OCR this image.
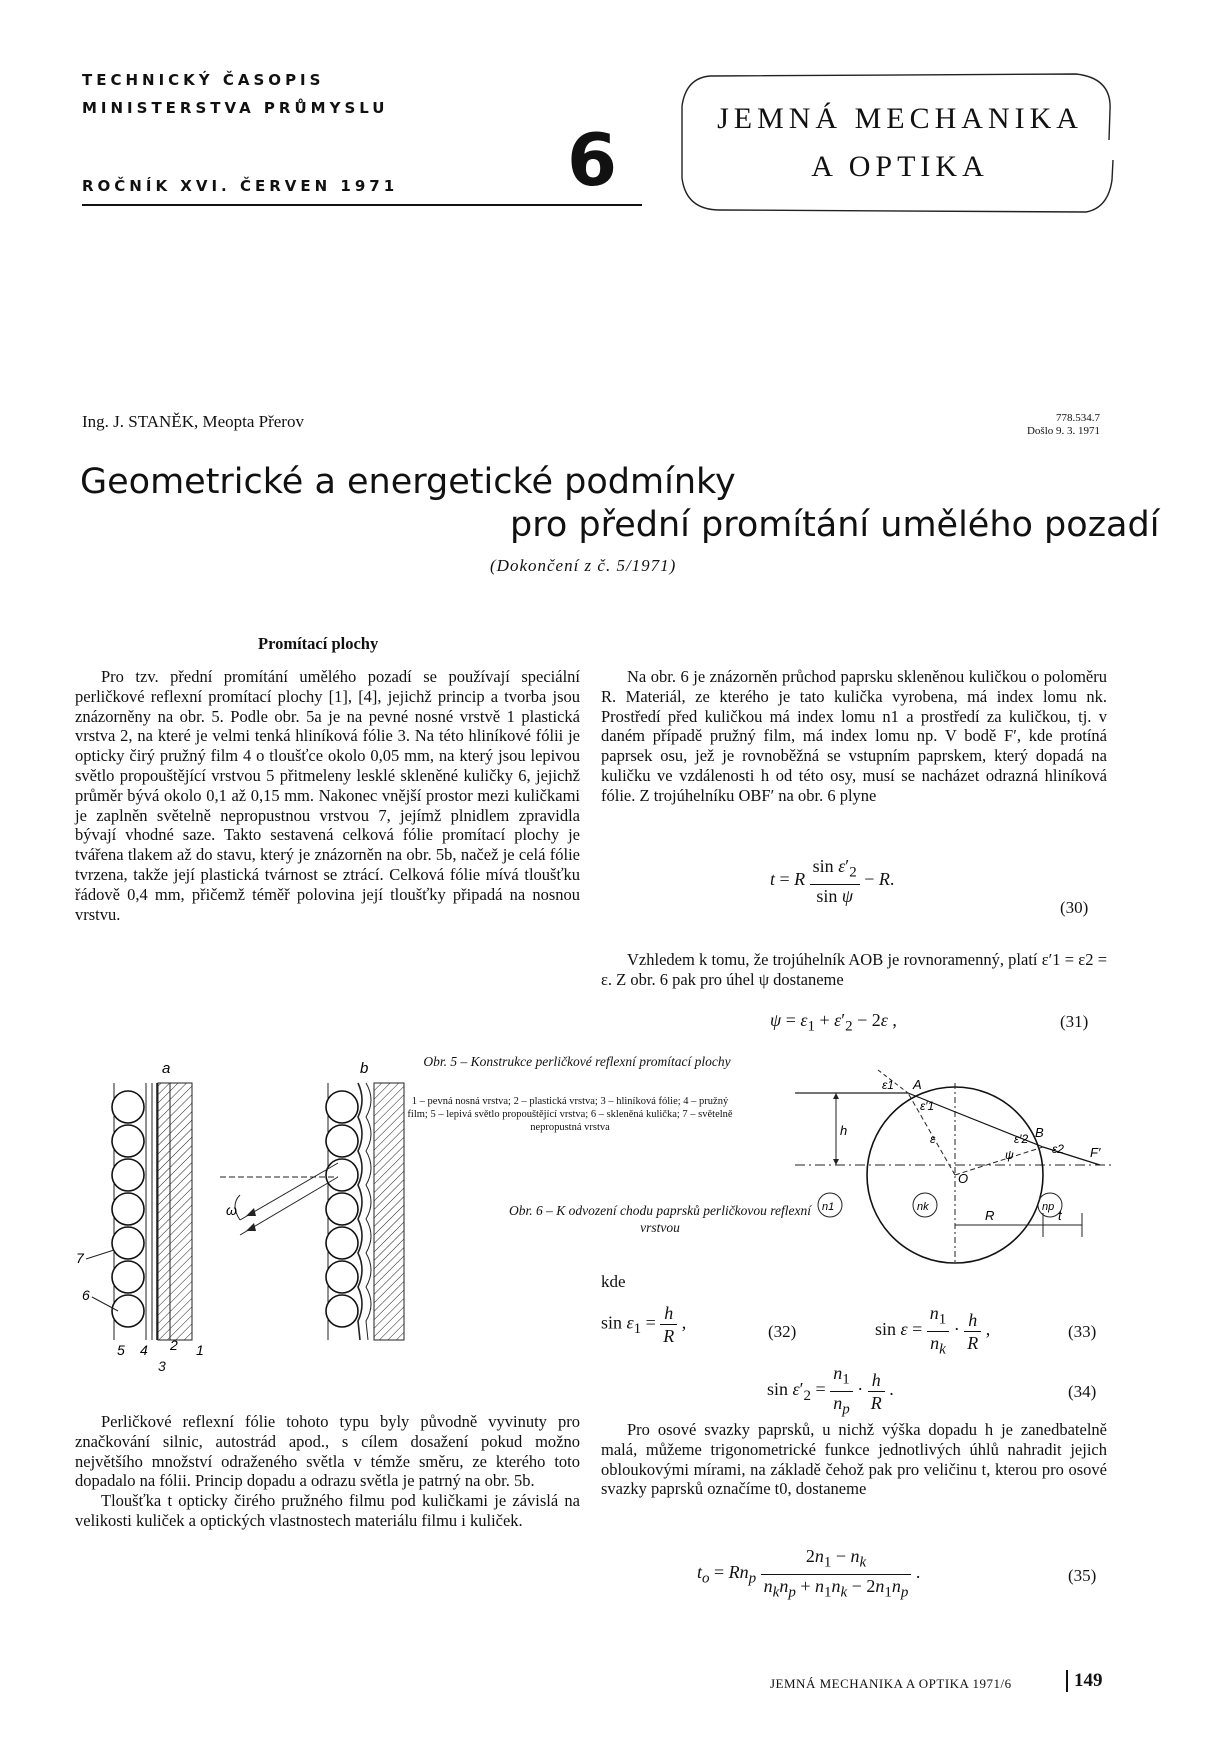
TECHNICKÝ ČASOPIS
MINISTERSTVA PRŮMYSLU
ROČNÍK XVI. ČERVEN 1971 6	JEMNÁ MECHANIKA
A OPTIKA
Ing. J. STANĚK, Meopta Přerov	778.534.7
Došlo 9. 3. 1971
Geometrické a energetické podmínky
pro přední promítání umělého pozadí
(Dokončení z č. 5/1971)
Promítací plochy

Pro tzv. přední promítání umělého pozadí se používají speciální perličkové reflexní promítací plochy [1], [4], jejichž princip a tvorba jsou znázorněny na obr. 5. Podle obr. 5a je na pevné nosné vrstvě 1 plastická vrstva 2, na které je velmi tenká hliníková fólie 3. Na této hliníkové fólii je opticky čirý pružný film 4 o tloušťce okolo 0,05 mm, na který jsou lepivou světlo propouštějící vrstvou 5 přitmeleny lesklé skleněné kuličky 6, jejichž průměr bývá okolo 0,1 až 0,15 mm. Nakonec vnější prostor mezi kuličkami je zaplněn světelně nepropustnou vrstvou 7, jejímž plnidlem zpravidla bývají vhodné saze. Takto sestavená celková fólie promítací plochy je tvářena tlakem až do stavu, který je znázorněn na obr. 5b, načež je celá fólie tvrzena, takže její plastická tvárnost se ztrácí. Celková fólie mívá tloušťku řádově 0,4 mm, přičemž téměř polovina její tloušťky připadá na nosnou vrstvu.

Na obr. 6 je znázorněn průchod paprsku skleněnou kuličkou o poloměru R. Materiál, ze kterého je tato kulička vyrobena, má index lomu nk. Prostředí před kuličkou má index lomu n1 a prostředí za kuličkou, tj. v daném případě pružný film, má index lomu np. V bodě F′, kde protíná paprsek osu, jež je rovnoběžná se vstupním paprskem, který dopadá na kuličku ve vzdálenosti h od této osy, musí se nacházet odrazná hliníková fólie. Z trojúhelníku OBF′ na obr. 6 plyne

t = R $\frac{\sin \varepsilon'_2}{\text{sin ψ}} - R$.
(30)

Vzhledem k tomu, že trojúhelník AOB je rovnoramenný, platí ε′1 = ε2 = ε. Z obr. 6 pak pro úhel ψ dostaneme

$\psi = \varepsilon_1 + \varepsilon'_2 - 2\varepsilon$ ,	(31)
a
7
6
5 4 2 1
b
ω
3
Obr. 5 – Konstrukce perličkové reflexní promítací plochy
1 – pevná nosná vrstva; 2 – plastická vrstva; 3 – hliníková fólie; 4 – pružný film; 5 – lepivá světlo propouštějící vrstva; 6 – skleněná kulička; 7 – světelně nepropustná vrstva
A
B
O
F′
h
R	t
n1	nk	np
ε1
ε′1
ε	ε′2
ε2
ψ
Obr. 6 – K odvození chodu paprsků perličkovou reflexní vrstvou
kde
$\sin \varepsilon_1 = \frac{h}{R}$ ,	(32)	$\sin \varepsilon = \frac{n_1}{n_k} \cdot \frac{h}{R}$ ,	(33)
$\sin \varepsilon'_2 = \frac{n_1}{n_p} \cdot \frac{h}{R}$ .	(34)

Perličkové reflexní fólie tohoto typu byly původně vyvinuty pro značkování silnic, autostrád apod., s cílem dosažení pokud možno největšího množství odraženého světla v témže směru, ze kterého toto dopadalo na fólii. Princip dopadu a odrazu světla je patrný na obr. 5b.

Tloušťka t opticky čirého pružného filmu pod kuličkami je závislá na velikosti kuliček a optických vlastnostech materiálu filmu i kuliček.

Pro osové svazky paprsků, u nichž výška dopadu h je zanedbatelně malá, můžeme trigonometrické funkce jednotlivých úhlů nahradit jejich obloukovými mírami, na základě čehož pak pro veličinu t, kterou pro osové svazky paprsků označíme t0, dostaneme

$t_o = Rn_p \frac{2n_1 - n_k}{n_kn_p + n_1n_k - 2n_1n_p}$ .	(35)
JEMNÁ MECHANIKA A OPTIKA 1971/6	149
